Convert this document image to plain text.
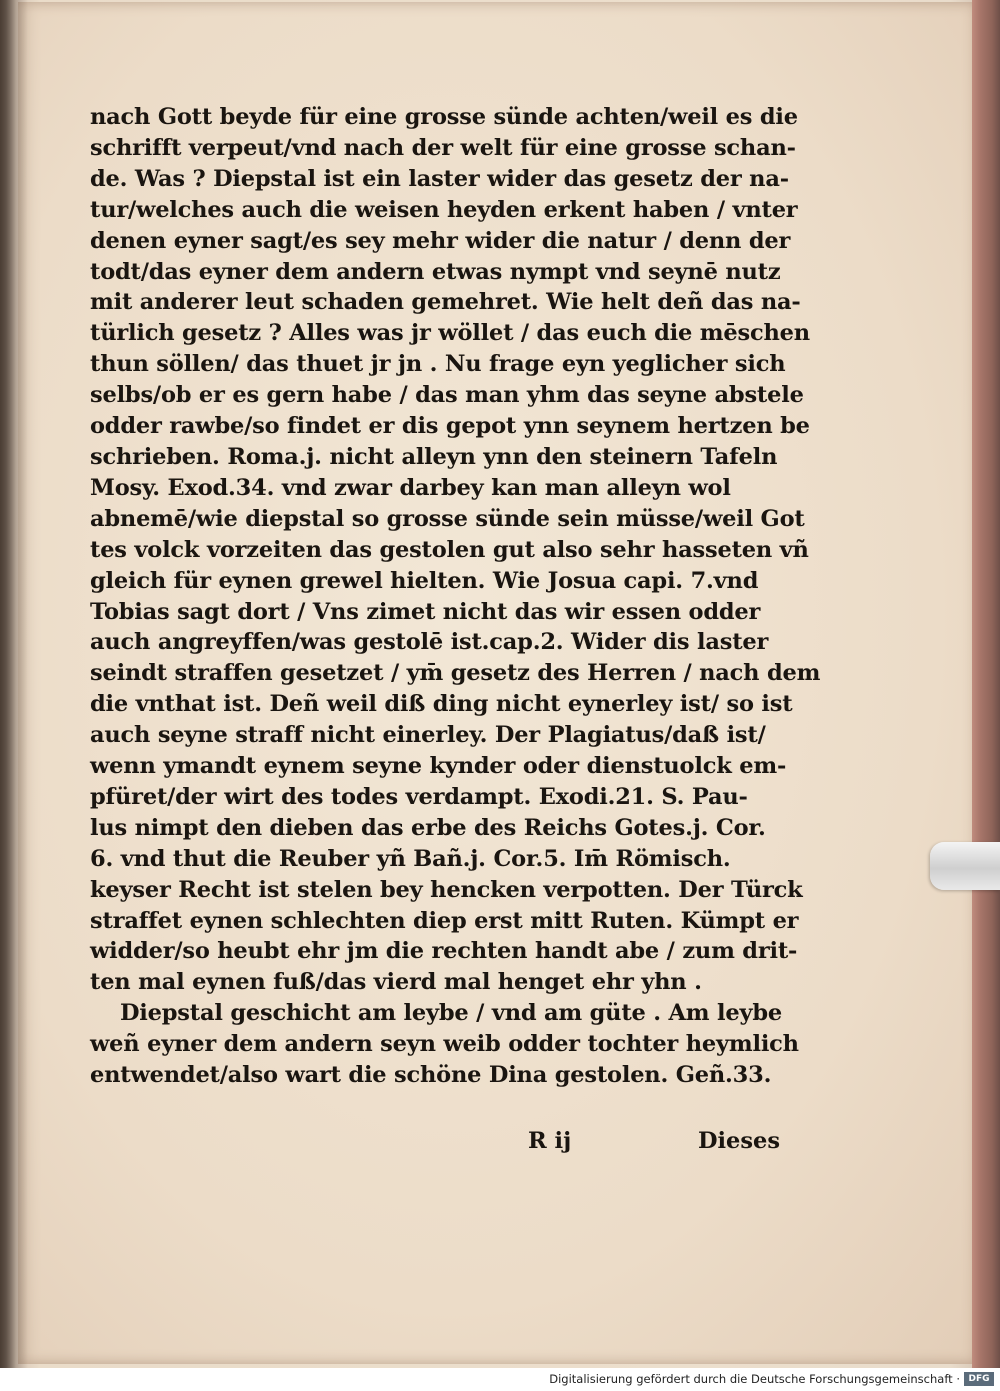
nach Gott beyde für eine grosse sünde achten/weil es die
schrifft verpeut/vnd nach der welt für eine grosse schan-
de. Was ? Diepstal ist ein laster wider das gesetz der na-
tur/welches auch die weisen heyden erkent haben / vnter
denen eyner sagt/es sey mehr wider die natur / denn der
todt/das eyner dem andern etwas nympt vnd seynē nutz
mit anderer leut schaden gemehret. Wie helt deñ das na-
türlich gesetz ? Alles was jr wöllet / das euch die mēschen
thun söllen/ das thuet jr jn . Nu frage eyn yeglicher sich
selbs/ob er es gern habe / das man yhm das seyne abstele
odder rawbe/so findet er dis gepot ynn seynem hertzen be
schrieben. Roma.j. nicht alleyn ynn den steinern Tafeln
Mosy. Exod.34. vnd zwar darbey kan man alleyn wol
abnemē/wie diepstal so grosse sünde sein müsse/weil Got
tes volck vorzeiten das gestolen gut also sehr hasseten vñ
gleich für eynen grewel hielten. Wie Josua capi. 7.vnd
Tobias sagt dort / Vns zimet nicht das wir essen odder
auch angreyffen/was gestolē ist.cap.2. Wider dis laster
seindt straffen gesetzet / ym̄ gesetz des Herren / nach dem
die vnthat ist. Deñ weil diß ding nicht eynerley ist/ so ist
auch seyne straff nicht einerley. Der Plagiatus/daß ist/
wenn ymandt eynem seyne kynder oder dienstuolck em-
pfüret/der wirt des todes verdampt. Exodi.21. S. Pau-
lus nimpt den dieben das erbe des Reichs Gotes.j. Cor.
6. vnd thut die Reuber yñ Bañ.j. Cor.5. Im̄ Römisch.
keyser Recht ist stelen bey hencken verpotten. Der Türck
straffet eynen schlechten diep erst mitt Ruten. Kümpt er
widder/so heubt ehr jm die rechten handt abe / zum drit-
ten mal eynen fuß/das vierd mal henget ehr yhn .
Diepstal geschicht am leybe / vnd am güte . Am leybe
weñ eyner dem andern seyn weib odder tochter heymlich
entwendet/also wart die schöne Dina gestolen. Geñ.33.
R ij	Dieses
Digitalisierung gefördert durch die Deutsche Forschungsgemeinschaft · DFG
